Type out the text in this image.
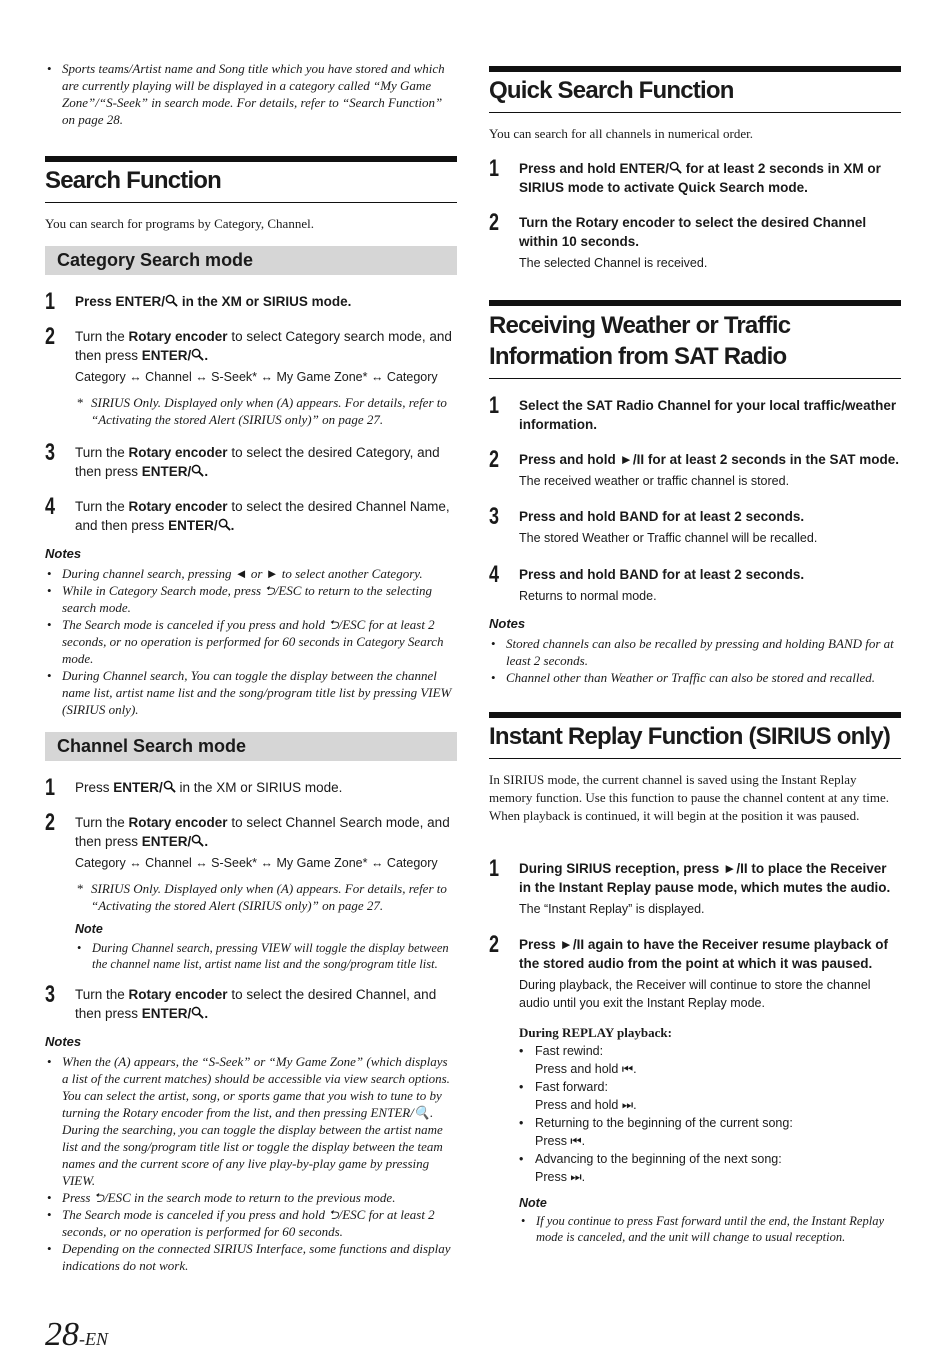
• Sports teams/Artist name and Song title which you have stored and which are currently playing will be displayed in a category called “My Game Zone”/“S-Seek” in search mode. For details, refer to “Search Function” on page 28.
Search Function
You can search for programs by Category, Channel.
Category Search mode
1 Press ENTER/ in the XM or SIRIUS mode.
2 Turn the Rotary encoder to select Category search mode, and then press ENTER/ .
Category ↔ Channel ↔ S-Seek* ↔ My Game Zone* ↔ Category
* SIRIUS Only. Displayed only when (A) appears. For details, refer to “Activating the stored Alert (SIRIUS only)” on page 27.
3 Turn the Rotary encoder to select the desired Category, and then press ENTER/ .
4 Turn the Rotary encoder to select the desired Channel Name, and then press ENTER/ .
Notes
• During channel search, pressing ◄ or ► to select another Category.
• While in Category Search mode, press ⮌/ESC to return to the selecting search mode.
• The Search mode is canceled if you press and hold ⮌/ESC for at least 2 seconds, or no operation is performed for 60 seconds in Category Search mode.
• During Channel search, You can toggle the display between the channel name list, artist name list and the song/program title list by pressing VIEW (SIRIUS only).
Channel Search mode
1 Press ENTER/ in the XM or SIRIUS mode.
2 Turn the Rotary encoder to select Channel Search mode, and then press ENTER/ .
Category ↔ Channel ↔ S-Seek* ↔ My Game Zone* ↔ Category
* SIRIUS Only. Displayed only when (A) appears. For details, refer to “Activating the stored Alert (SIRIUS only)” on page 27.
Note
• During Channel search, pressing VIEW will toggle the display between the channel name list, artist name list and the song/program title list.
3 Turn the Rotary encoder to select the desired Channel, and then press ENTER/ .
Notes
• When the (A) appears, the “S-Seek” or “My Game Zone” (which displays a list of the current matches) should be accessible via view search options. You can select the artist, song, or sports game that you wish to tune to by turning the Rotary encoder from the list, and then pressing ENTER/🔍. During the searching, you can toggle the display between the artist name list and the song/program title list or toggle the display between the team names and the current score of any live play-by-play game by pressing VIEW.
• Press ⮌/ESC in the search mode to return to the previous mode.
• The Search mode is canceled if you press and hold ⮌/ESC for at least 2 seconds, or no operation is performed for 60 seconds.
• Depending on the connected SIRIUS Interface, some functions and display indications do not work.
Quick Search Function
You can search for all channels in numerical order.
1 Press and hold ENTER/ for at least 2 seconds in XM or SIRIUS mode to activate Quick Search mode.
2 Turn the Rotary encoder to select the desired Channel within 10 seconds.
The selected Channel is received.
Receiving Weather or Traffic Information from SAT Radio
1 Select the SAT Radio Channel for your local traffic/weather information.
2 Press and hold ►/II for at least 2 seconds in the SAT mode.
The received weather or traffic channel is stored.
3 Press and hold BAND for at least 2 seconds.
The stored Weather or Traffic channel will be recalled.
4 Press and hold BAND for at least 2 seconds.
Returns to normal mode.
Notes
• Stored channels can also be recalled by pressing and holding BAND for at least 2 seconds.
• Channel other than Weather or Traffic can also be stored and recalled.
Instant Replay Function (SIRIUS only)
In SIRIUS mode, the current channel is saved using the Instant Replay memory function. Use this function to pause the channel content at any time. When playback is continued, it will begin at the position it was paused.
1 During SIRIUS reception, press ►/II to place the Receiver in the Instant Replay pause mode, which mutes the audio.
The “Instant Replay” is displayed.
2 Press ►/II again to have the Receiver resume playback of the stored audio from the point at which it was paused.
During playback, the Receiver will continue to store the channel audio until you exit the Instant Replay mode.
During REPLAY playback:
• Fast rewind:
Press and hold ⏮.
• Fast forward:
Press and hold ⏭.
• Returning to the beginning of the current song:
Press ⏮.
• Advancing to the beginning of the next song:
Press ⏭.
Note
• If you continue to press Fast forward until the end, the Instant Replay mode is canceled, and the unit will change to usual reception.
28-EN
